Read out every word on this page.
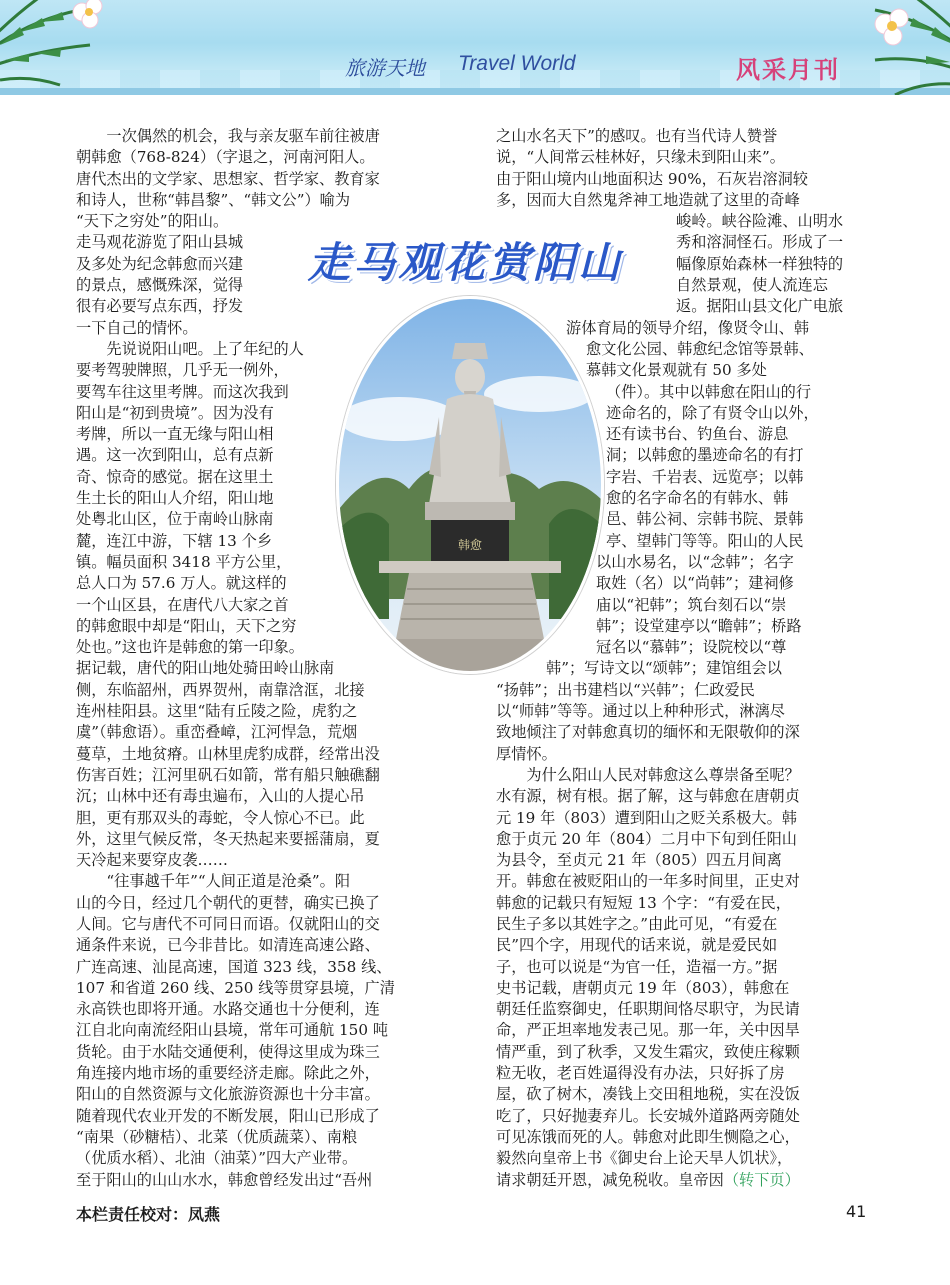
旅游天地 Travel World	风采月刊
走马观花赏阳山
韩愈
　　一次偶然的机会，我与亲友驱车前往被唐
朝韩愈（768-824）（字退之，河南河阳人。
唐代杰出的文学家、思想家、哲学家、教育家
和诗人，世称“韩昌黎”、“韩文公”）喻为
“天下之穷处”的阳山。
走马观花游览了阳山县城
及多处为纪念韩愈而兴建
的景点，感慨殊深，觉得
很有必要写点东西，抒发
一下自己的情怀。
　　先说说阳山吧。上了年纪的人
要考驾驶牌照，几乎无一例外，
要驾车往这里考牌。而这次我到
阳山是“初到贵境”。因为没有
考牌，所以一直无缘与阳山相
遇。这一次到阳山，总有点新
奇、惊奇的感觉。据在这里土
生土长的阳山人介绍，阳山地
处粤北山区，位于南岭山脉南
麓，连江中游，下辖 13 个乡
镇。幅员面积 3418 平方公里，
总人口为 57.6 万人。就这样的
一个山区县，在唐代八大家之首
的韩愈眼中却是“阳山，天下之穷
处也。”这也许是韩愈的第一印象。
据记载，唐代的阳山地处骑田岭山脉南
侧，东临韶州，西界贺州，南靠浛洭，北接
连州桂阳县。这里“陆有丘陵之险，虎豹之
虞”（韩愈语）。重峦叠嶂，江河悍急，荒烟
蔓草，土地贫瘠。山林里虎豹成群，经常出没
伤害百姓；江河里矾石如箭，常有船只触礁翻
沉；山林中还有毒虫遍布，入山的人提心吊
胆，更有那双头的毒蛇，令人惊心不已。此
外，这里气候反常，冬天热起来要摇蒲扇，夏
天冷起来要穿皮袭……
　　“往事越千年”“人间正道是沧桑”。阳
山的今日，经过几个朝代的更替，确实已换了
人间。它与唐代不可同日而语。仅就阳山的交
通条件来说，已今非昔比。如清连高速公路、
广连高速、汕昆高速，国道 323 线，358 线、
107 和省道 260 线、250 线等贯穿县境，广清
永高铁也即将开通。水路交通也十分便利，连
江自北向南流经阳山县境，常年可通航 150 吨
货轮。由于水陆交通便利，使得这里成为珠三
角连接内地市场的重要经济走廊。除此之外，
阳山的自然资源与文化旅游资源也十分丰富。
随着现代农业开发的不断发展，阳山已形成了
“南果（砂糖桔）、北菜（优质蔬菜）、南粮
（优质水稻）、北油（油菜）”四大产业带。
至于阳山的山山水水，韩愈曾经发出过“吾州
之山水名天下”的感叹。也有当代诗人赞誉
说，“人间常云桂林好，只缘未到阳山来”。
由于阳山境内山地面积达 90%，石灰岩溶洞较
多，因而大自然鬼斧神工地造就了这里的奇峰
峻岭。峡谷险滩、山明水
秀和溶洞怪石。形成了一
幅像原始森林一样独特的
自然景观，使人流连忘
返。据阳山县文化广电旅
游体育局的领导介绍，像贤令山、韩
愈文化公园、韩愈纪念馆等景韩、
慕韩文化景观就有 50 多处
（件）。其中以韩愈在阳山的行
迹命名的，除了有贤令山以外，
还有读书台、钓鱼台、游息
洞；以韩愈的墨迹命名的有打
字岩、千岩表、远览亭；以韩
愈的名字命名的有韩水、韩
邑、韩公祠、宗韩书院、景韩
亭、望韩门等等。阳山的人民
以山水易名，以“念韩”；名字
取姓（名）以“尚韩”；建祠修
庙以“祀韩”；筑台刻石以“崇
韩”；设堂建亭以“瞻韩”；桥路
冠名以“慕韩”；设院校以“尊
韩”；写诗文以“颂韩”；建馆组会以
“扬韩”；出书建档以“兴韩”；仁政爱民
以“师韩”等等。通过以上种种形式，淋漓尽
致地倾注了对韩愈真切的缅怀和无限敬仰的深
厚情怀。
　　为什么阳山人民对韩愈这么尊崇备至呢？
水有源，树有根。据了解，这与韩愈在唐朝贞
元 19 年（803）遭到阳山之贬关系极大。韩
愈于贞元 20 年（804）二月中下旬到任阳山
为县令，至贞元 21 年（805）四五月间离
开。韩愈在被贬阳山的一年多时间里，正史对
韩愈的记载只有短短 13 个字：“有爱在民，
民生子多以其姓字之。”由此可见，“有爱在
民”四个字，用现代的话来说，就是爱民如
子，也可以说是“为官一任，造福一方。”据
史书记载，唐朝贞元 19 年（803），韩愈在
朝廷任监察御史，任职期间恪尽职守，为民请
命，严正坦率地发表己见。那一年，关中因旱
情严重，到了秋季，又发生霜灾，致使庄稼颗
粒无收，老百姓逼得没有办法，只好拆了房
屋，砍了树木，凑钱上交田租地税，实在没饭
吃了，只好抛妻弃儿。长安城外道路两旁随处
可见冻饿而死的人。韩愈对此即生恻隐之心，
毅然向皇帝上书《御史台上论天旱人饥状》，
请求朝廷开恩，减免税收。皇帝因（转下页）
本栏责任校对：凤燕	41
